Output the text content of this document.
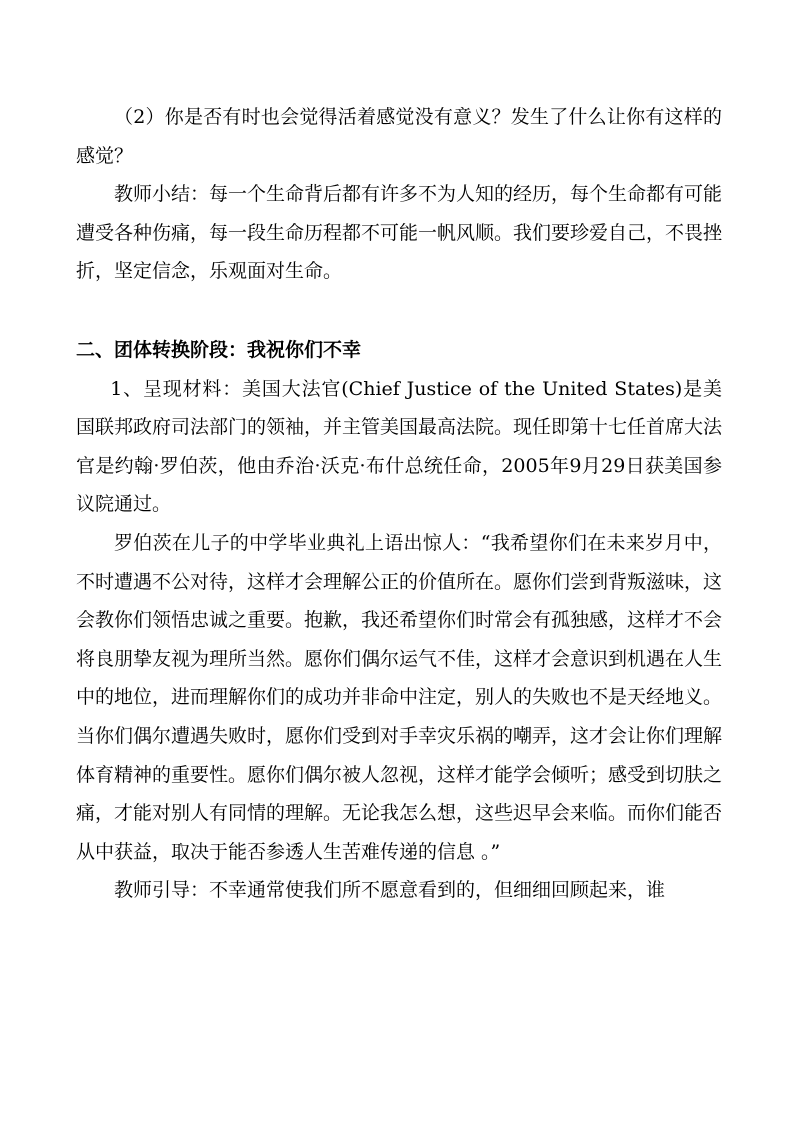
（2）你是否有时也会觉得活着感觉没有意义？发生了什么让你有这样的感觉？

教师小结：每一个生命背后都有许多不为人知的经历，每个生命都有可能遭受各种伤痛，每一段生命历程都不可能一帆风顺。我们要珍爱自己，不畏挫折，坚定信念，乐观面对生命。

二、团体转换阶段：我祝你们不幸

1、呈现材料：美国大法官(Chief Justice of the United States)是美国联邦政府司法部门的领袖，并主管美国最高法院。现任即第十七任首席大法官是约翰·罗伯茨，他由乔治·沃克·布什总统任命，2005年9月29日获美国参议院通过。

罗伯茨在儿子的中学毕业典礼上语出惊人：“我希望你们在未来岁月中，不时遭遇不公对待，这样才会理解公正的价值所在。愿你们尝到背叛滋味，这会教你们领悟忠诚之重要。抱歉，我还希望你们时常会有孤独感，这样才不会将良朋挚友视为理所当然。愿你们偶尔运气不佳，这样才会意识到机遇在人生中的地位，进而理解你们的成功并非命中注定，别人的失败也不是天经地义。当你们偶尔遭遇失败时，愿你们受到对手幸灾乐祸的嘲弄，这才会让你们理解体育精神的重要性。愿你们偶尔被人忽视，这样才能学会倾听；感受到切肤之痛，才能对别人有同情的理解。无论我怎么想，这些迟早会来临。而你们能否从中获益，取决于能否参透人生苦难传递的信息 。”

教师引导：不幸通常使我们所不愿意看到的，但细细回顾起来，谁
